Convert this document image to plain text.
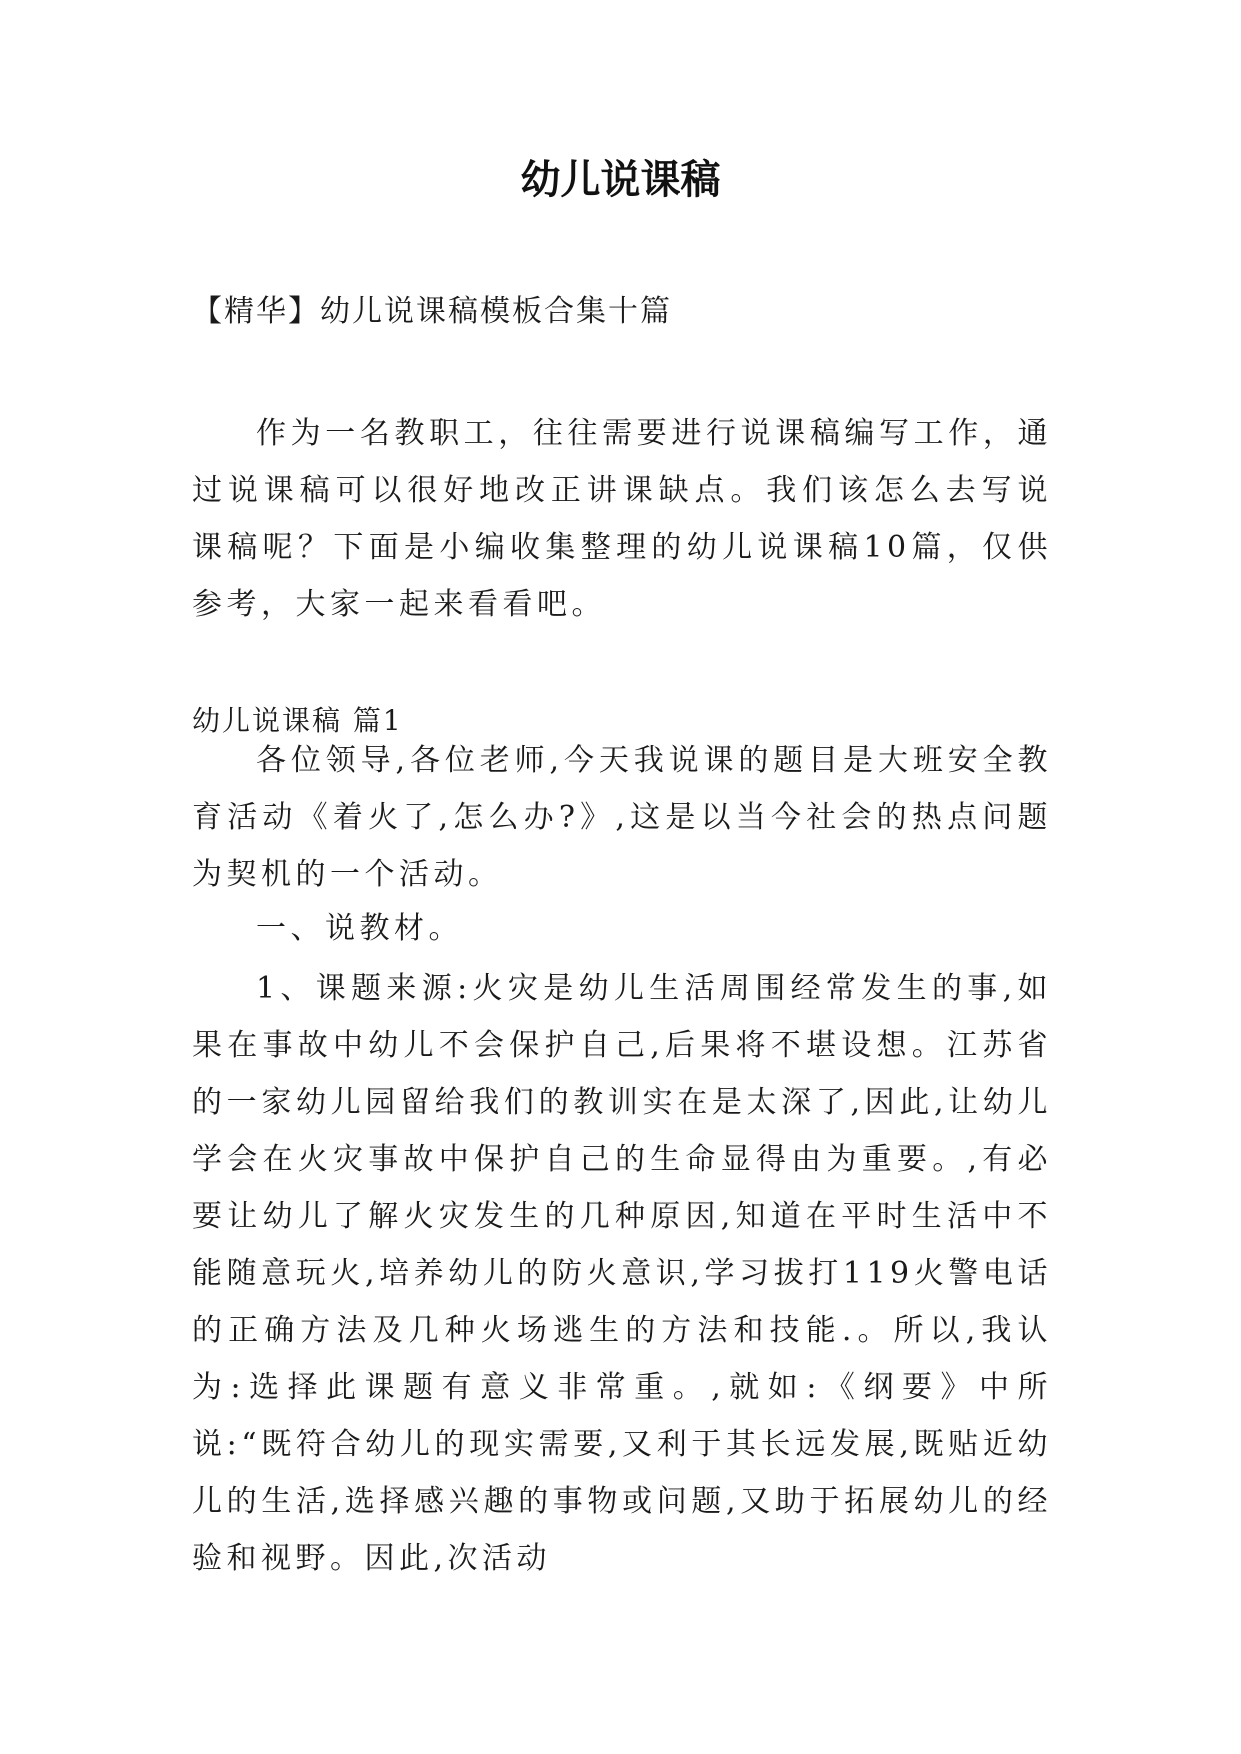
幼儿说课稿
【精华】幼儿说课稿模板合集十篇
作为一名教职工，往往需要进行说课稿编写工作，通过说课稿可以很好地改正讲课缺点。我们该怎么去写说课稿呢？下面是小编收集整理的幼儿说课稿10篇，仅供参考，大家一起来看看吧。
幼儿说课稿 篇1
各位领导,各位老师,今天我说课的题目是大班安全教育活动《着火了,怎么办?》,这是以当今社会的热点问题为契机的一个活动。
一、说教材。
1、课题来源:火灾是幼儿生活周围经常发生的事,如果在事故中幼儿不会保护自己,后果将不堪设想。江苏省的一家幼儿园留给我们的教训实在是太深了,因此,让幼儿学会在火灾事故中保护自己的生命显得由为重要。,有必要让幼儿了解火灾发生的几种原因,知道在平时生活中不能随意玩火,培养幼儿的防火意识,学习拔打119火警电话的正确方法及几种火场逃生的方法和技能.。所以,我认为:选择此课题有意义非常重。,就如:《纲要》中所说:“既符合幼儿的现实需要,又利于其长远发展,既贴近幼儿的生活,选择感兴趣的事物或问题,又助于拓展幼儿的经验和视野。因此,次活动
